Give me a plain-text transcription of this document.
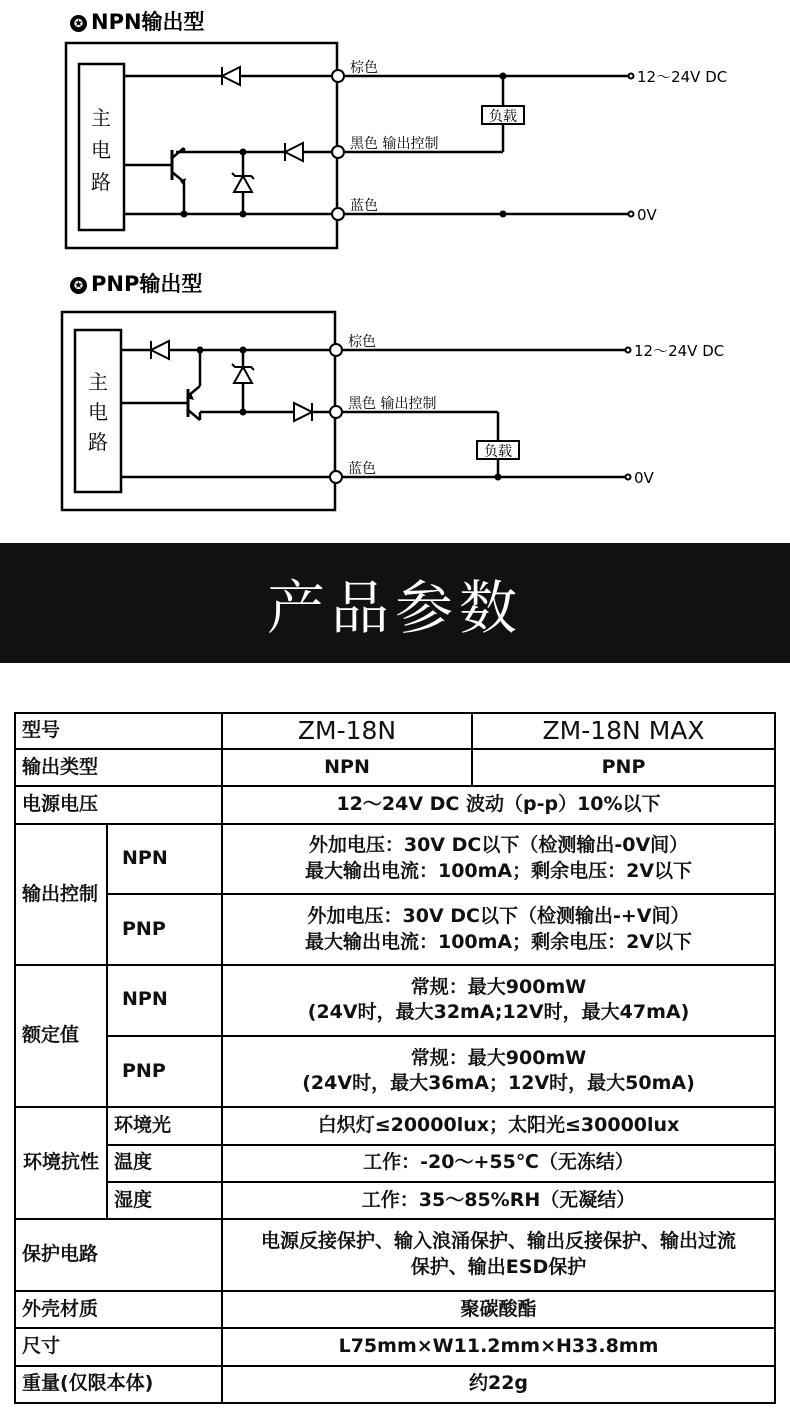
✪ NPN输出型
主
电
路
棕色
黑色 输出控制
蓝色
负载
12～24V DC
0V
✪ PNP输出型
主
电
路
棕色
黑色 输出控制
蓝色
负载
12～24V DC
0V
产品参数
型号		ZM-18N	ZM-18N MAX
输出类型		NPN	PNP
电源电压		12～24V DC 波动（p-p）10%以下	
输出控制	NPN	外加电压：30V DC以下（检测输出-0V间）
最大输出电流：100mA；剩余电压：2V以下	

	PNP	外加电压：30V DC以下（检测输出-+V间）
最大输出电流：100mA；剩余电压：2V以下	

额定值	NPN	常规：最大900mW
(24V时，最大32mA;12V时，最大47mA)	

	PNP	常规：最大900mW
(24V时，最大36mA；12V时，最大50mA)	

环境抗性	环境光	白炽灯≤20000lux；太阳光≤30000lux	
	温度	工作：-20～+55℃（无冻结）	
	湿度	工作：35～85%RH（无凝结）	
保护电路		电源反接保护、输入浪涌保护、输出反接保护、输出过流保护、输出ESD保护	
外壳材质		聚碳酸酯	
尺寸		L75mm×W11.2mm×H33.8mm	
重量(仅限本体)		约22g	
